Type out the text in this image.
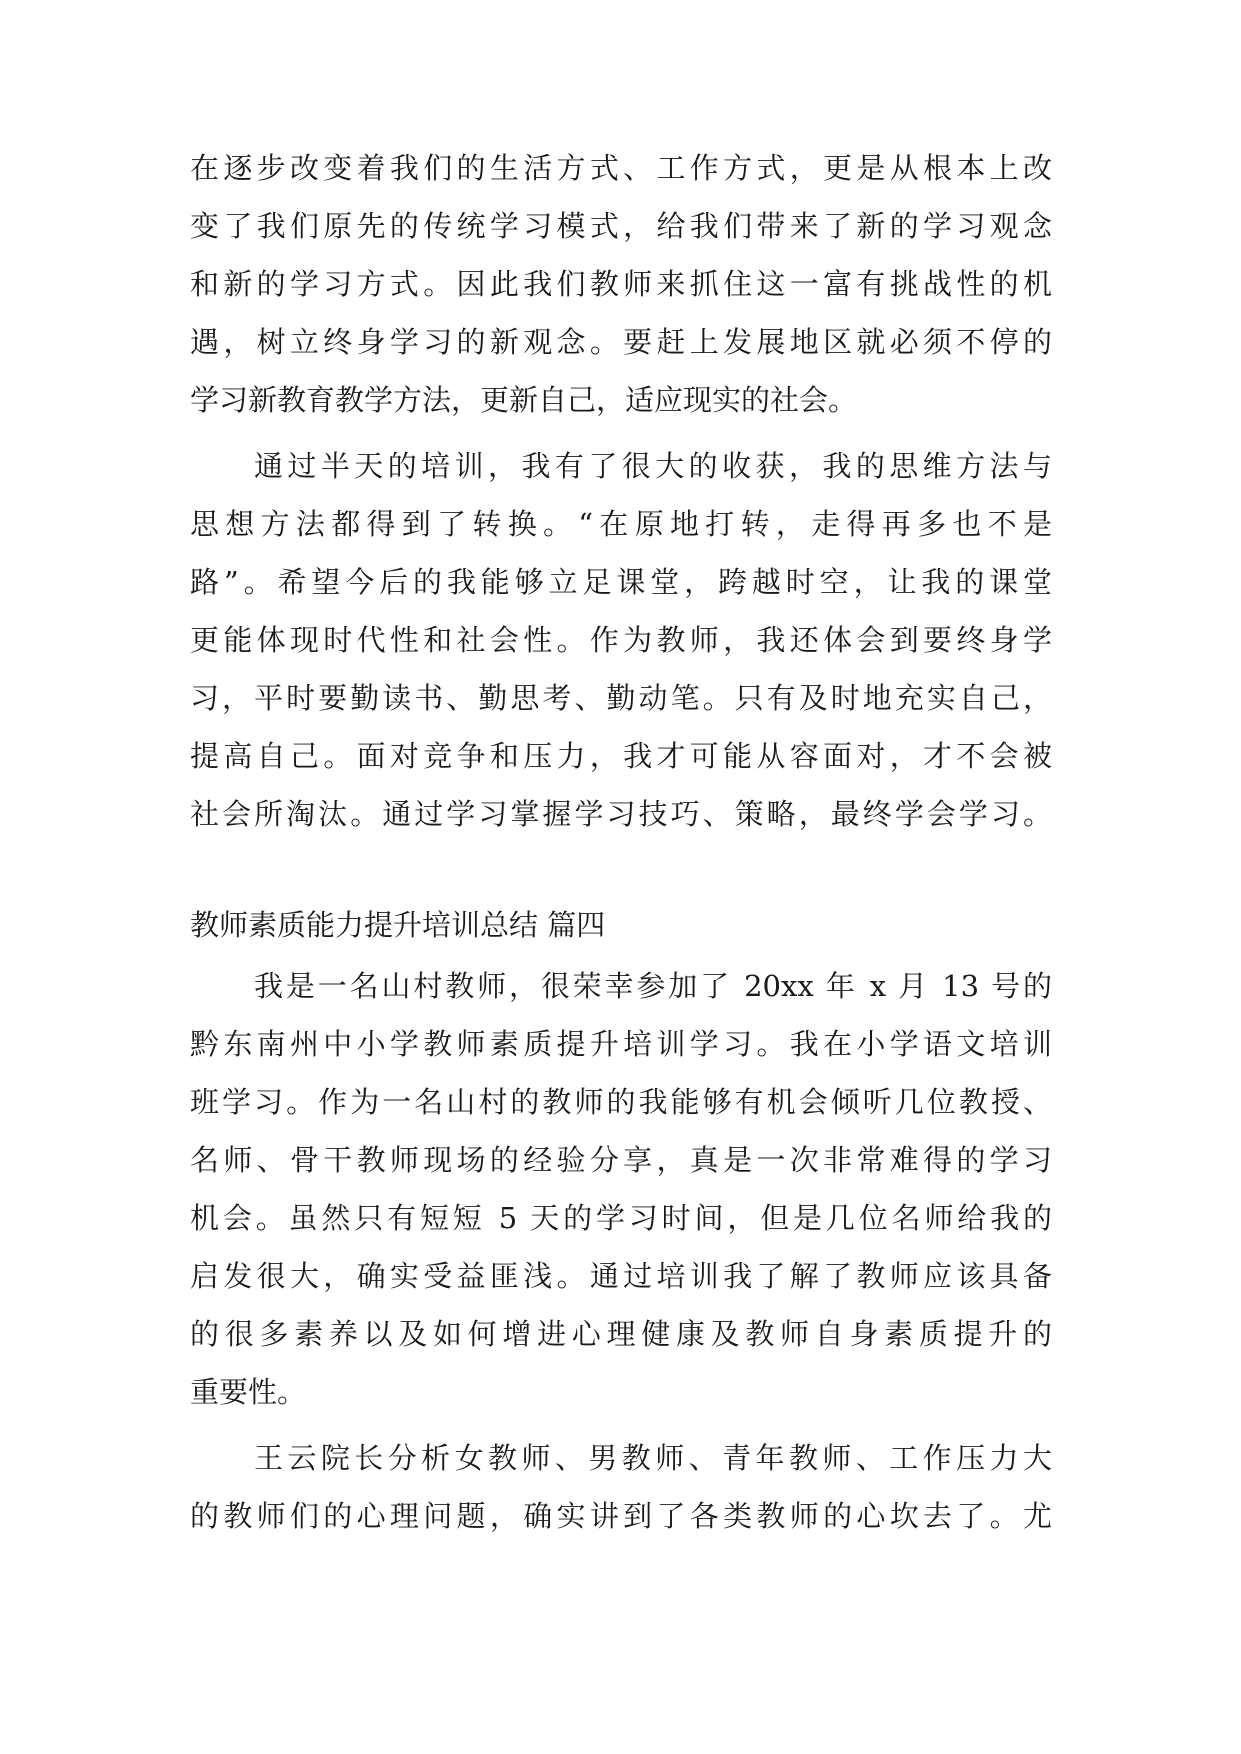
在逐步改变着我们的生活方式、工作方式，更是从根本上改
变了我们原先的传统学习模式，给我们带来了新的学习观念
和新的学习方式。因此我们教师来抓住这一富有挑战性的机
遇，树立终身学习的新观念。要赶上发展地区就必须不停的
学习新教育教学方法，更新自己，适应现实的社会。
通过半天的培训，我有了很大的收获，我的思维方法与
思想方法都得到了转换。“在原地打转，走得再多也不是
路”。希望今后的我能够立足课堂，跨越时空，让我的课堂
更能体现时代性和社会性。作为教师，我还体会到要终身学
习，平时要勤读书、勤思考、勤动笔。只有及时地充实自己，
提高自己。面对竞争和压力，我才可能从容面对，才不会被
社会所淘汰。通过学习掌握学习技巧、策略，最终学会学习。
教师素质能力提升培训总结 篇四
我是一名山村教师，很荣幸参加了 20xx 年 x 月 13 号的
黔东南州中小学教师素质提升培训学习。我在小学语文培训
班学习。作为一名山村的教师的我能够有机会倾听几位教授、
名师、骨干教师现场的经验分享，真是一次非常难得的学习
机会。虽然只有短短 5 天的学习时间，但是几位名师给我的
启发很大，确实受益匪浅。通过培训我了解了教师应该具备
的很多素养以及如何增进心理健康及教师自身素质提升的
重要性。
王云院长分析女教师、男教师、青年教师、工作压力大
的教师们的心理问题，确实讲到了各类教师的心坎去了。尤
